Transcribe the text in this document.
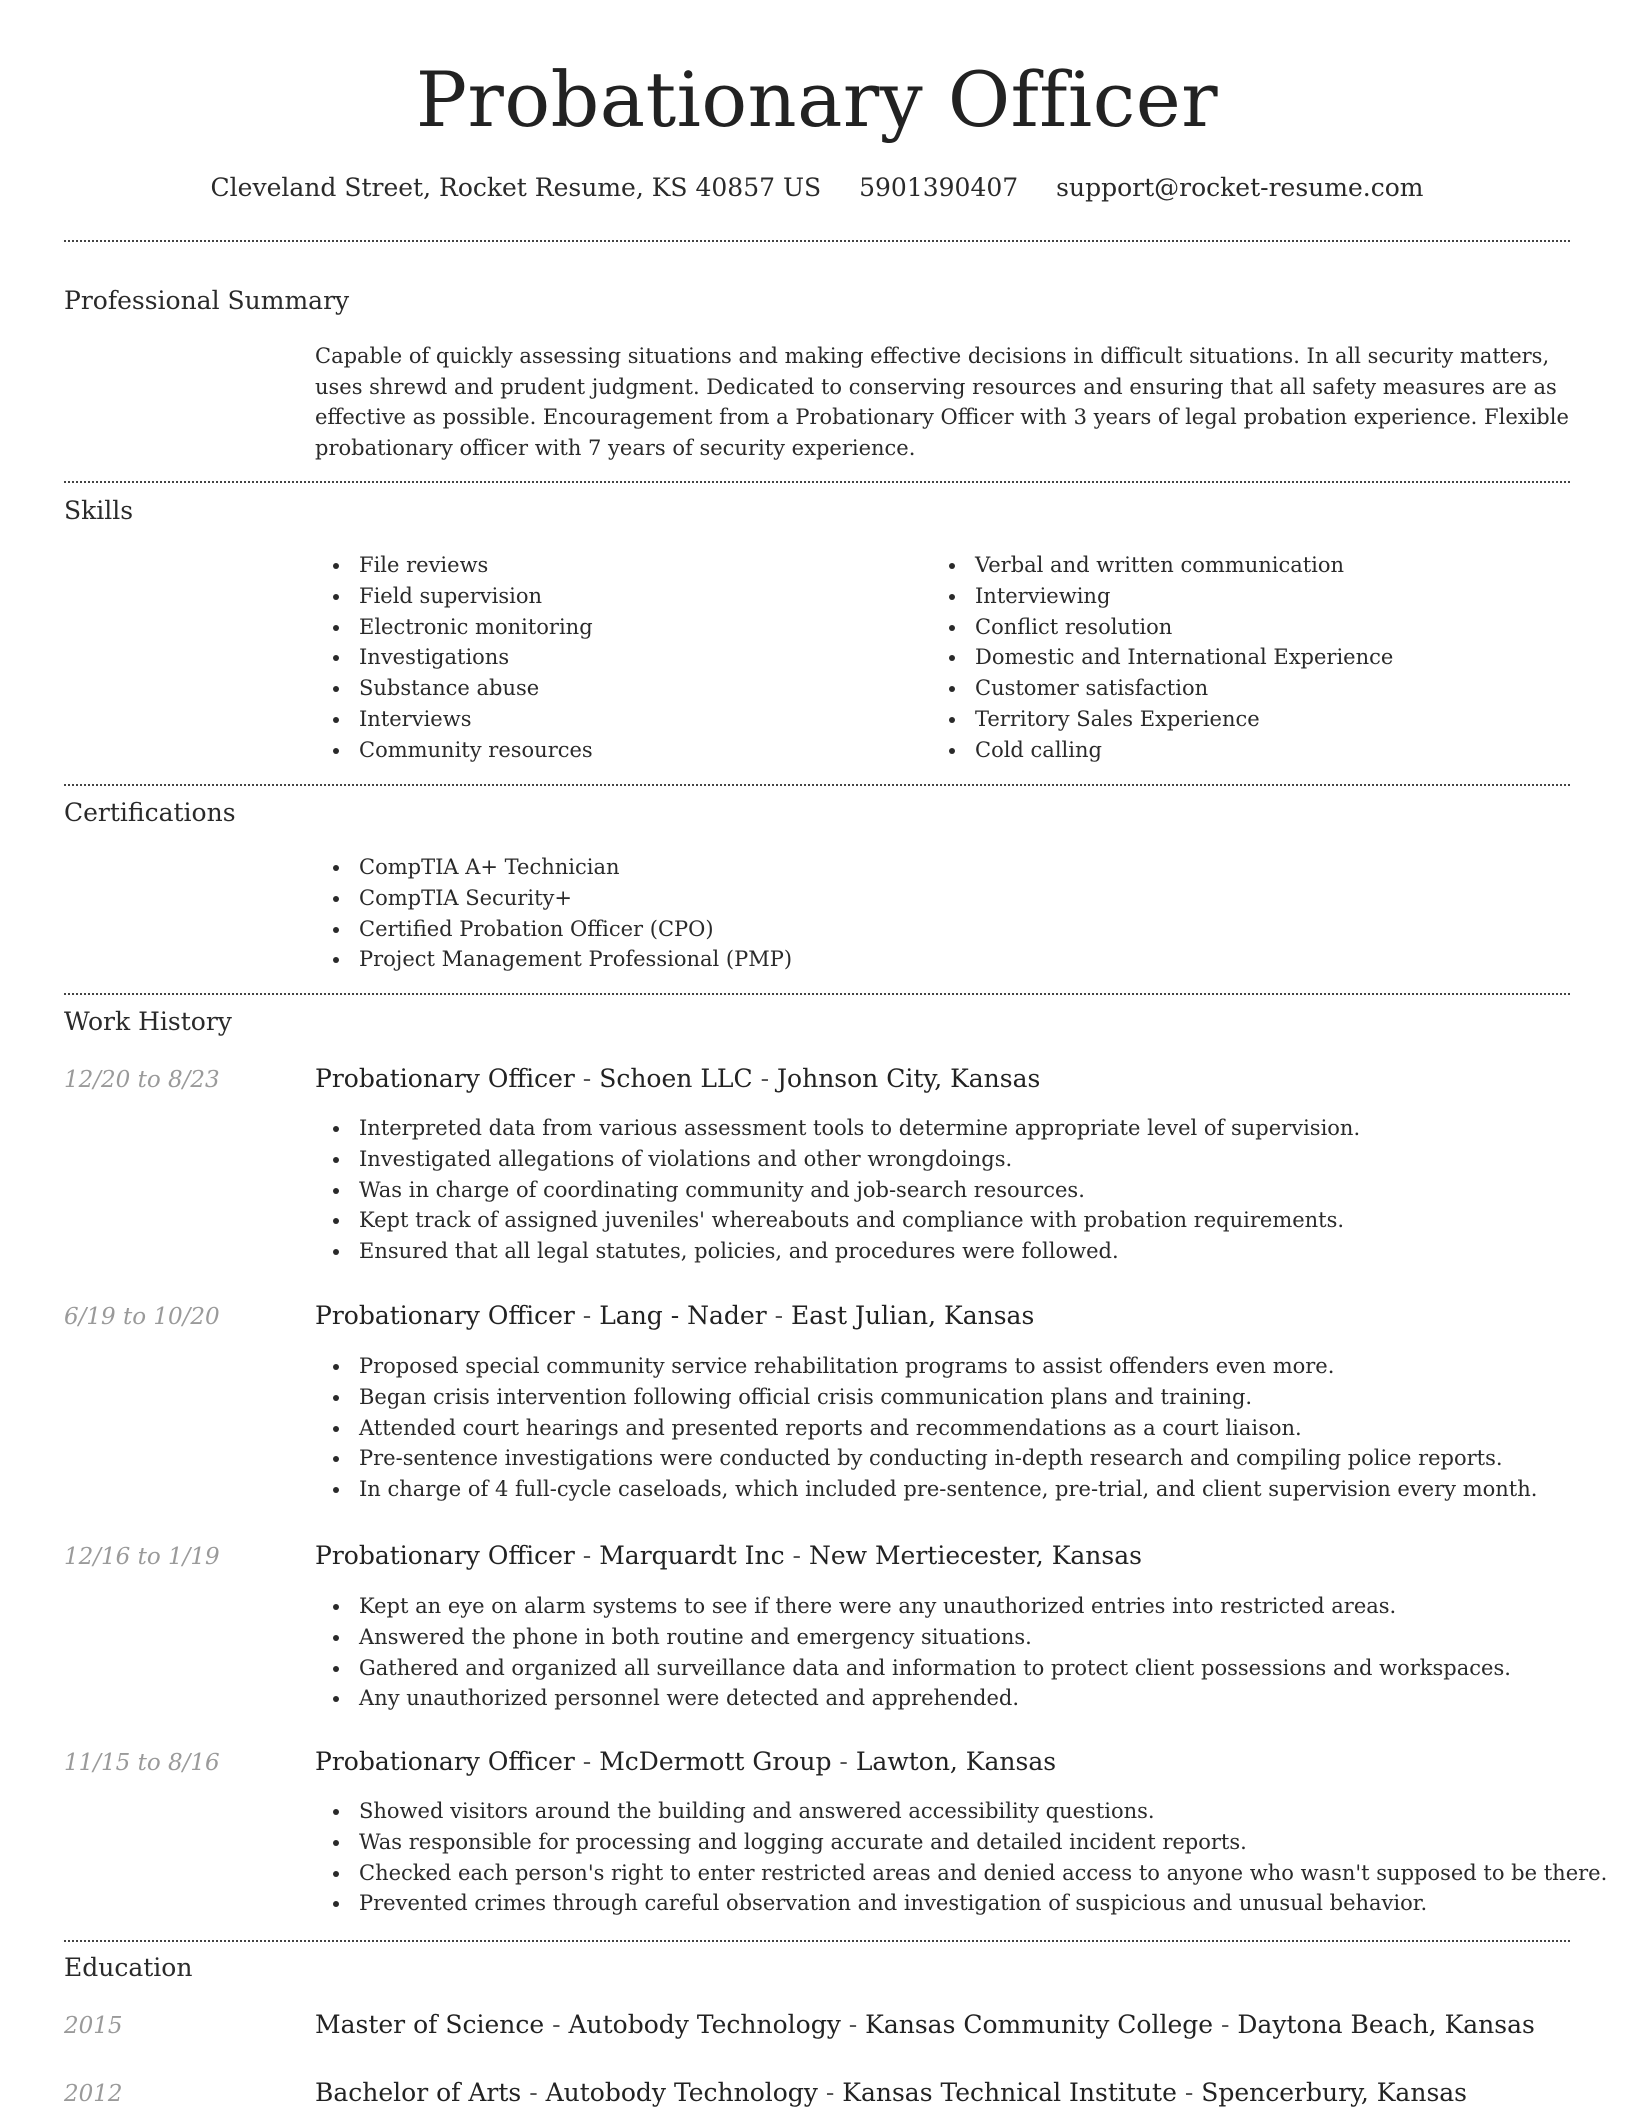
Probationary Officer
Cleveland Street, Rocket Resume, KS 40857 US 5901390407 support@rocket-resume.com
Professional Summary

Capable of quickly assessing situations and making effective decisions in difficult situations. In all security matters, uses shrewd and prudent judgment. Dedicated to conserving resources and ensuring that all safety measures are as effective as possible. Encouragement from a Probationary Officer with 3 years of legal probation experience. Flexible probationary officer with 7 years of security experience.

Skills
File reviews
Field supervision
Electronic monitoring
Investigations
Substance abuse
Interviews
Community resources
Verbal and written communication
Interviewing
Conflict resolution
Domestic and International Experience
Customer satisfaction
Territory Sales Experience
Cold calling
Certifications
CompTIA A+ Technician
CompTIA Security+
Certified Probation Officer (CPO)
Project Management Professional (PMP)
Work History
12/20 to 8/23	Probationary Officer - Schoen LLC - Johnson City, Kansas
Interpreted data from various assessment tools to determine appropriate level of supervision.
Investigated allegations of violations and other wrongdoings.
Was in charge of coordinating community and job-search resources.
Kept track of assigned juveniles' whereabouts and compliance with probation requirements.
Ensured that all legal statutes, policies, and procedures were followed.
6/19 to 10/20	Probationary Officer - Lang - Nader - East Julian, Kansas
Proposed special community service rehabilitation programs to assist offenders even more.
Began crisis intervention following official crisis communication plans and training.
Attended court hearings and presented reports and recommendations as a court liaison.
Pre-sentence investigations were conducted by conducting in-depth research and compiling police reports.
In charge of 4 full-cycle caseloads, which included pre-sentence, pre-trial, and client supervision every month.
12/16 to 1/19	Probationary Officer - Marquardt Inc - New Mertiecester, Kansas
Kept an eye on alarm systems to see if there were any unauthorized entries into restricted areas.
Answered the phone in both routine and emergency situations.
Gathered and organized all surveillance data and information to protect client possessions and workspaces.
Any unauthorized personnel were detected and apprehended.
11/15 to 8/16	Probationary Officer - McDermott Group - Lawton, Kansas
Showed visitors around the building and answered accessibility questions.
Was responsible for processing and logging accurate and detailed incident reports.
Checked each person's right to enter restricted areas and denied access to anyone who wasn't supposed to be there.
Prevented crimes through careful observation and investigation of suspicious and unusual behavior.
Education
2015	Master of Science - Autobody Technology - Kansas Community College - Daytona Beach, Kansas
2012	Bachelor of Arts - Autobody Technology - Kansas Technical Institute - Spencerbury, Kansas
